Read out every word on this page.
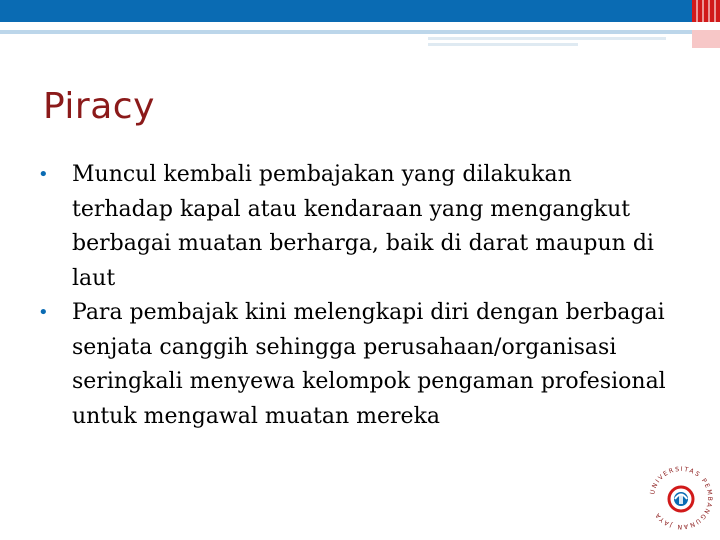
Piracy
•	Muncul kembali pembajakan yang dilakukan terhadap kapal atau kendaraan yang mengangkut berbagai muatan berharga, baik di darat maupun di laut
•	Para pembajak kini melengkapi diri dengan berbagai senjata canggih sehingga perusahaan/organisasi seringkali menyewa kelompok pengaman profesional untuk mengawal muatan mereka
UNIVERSITAS PEMBANGUNAN JAYA
